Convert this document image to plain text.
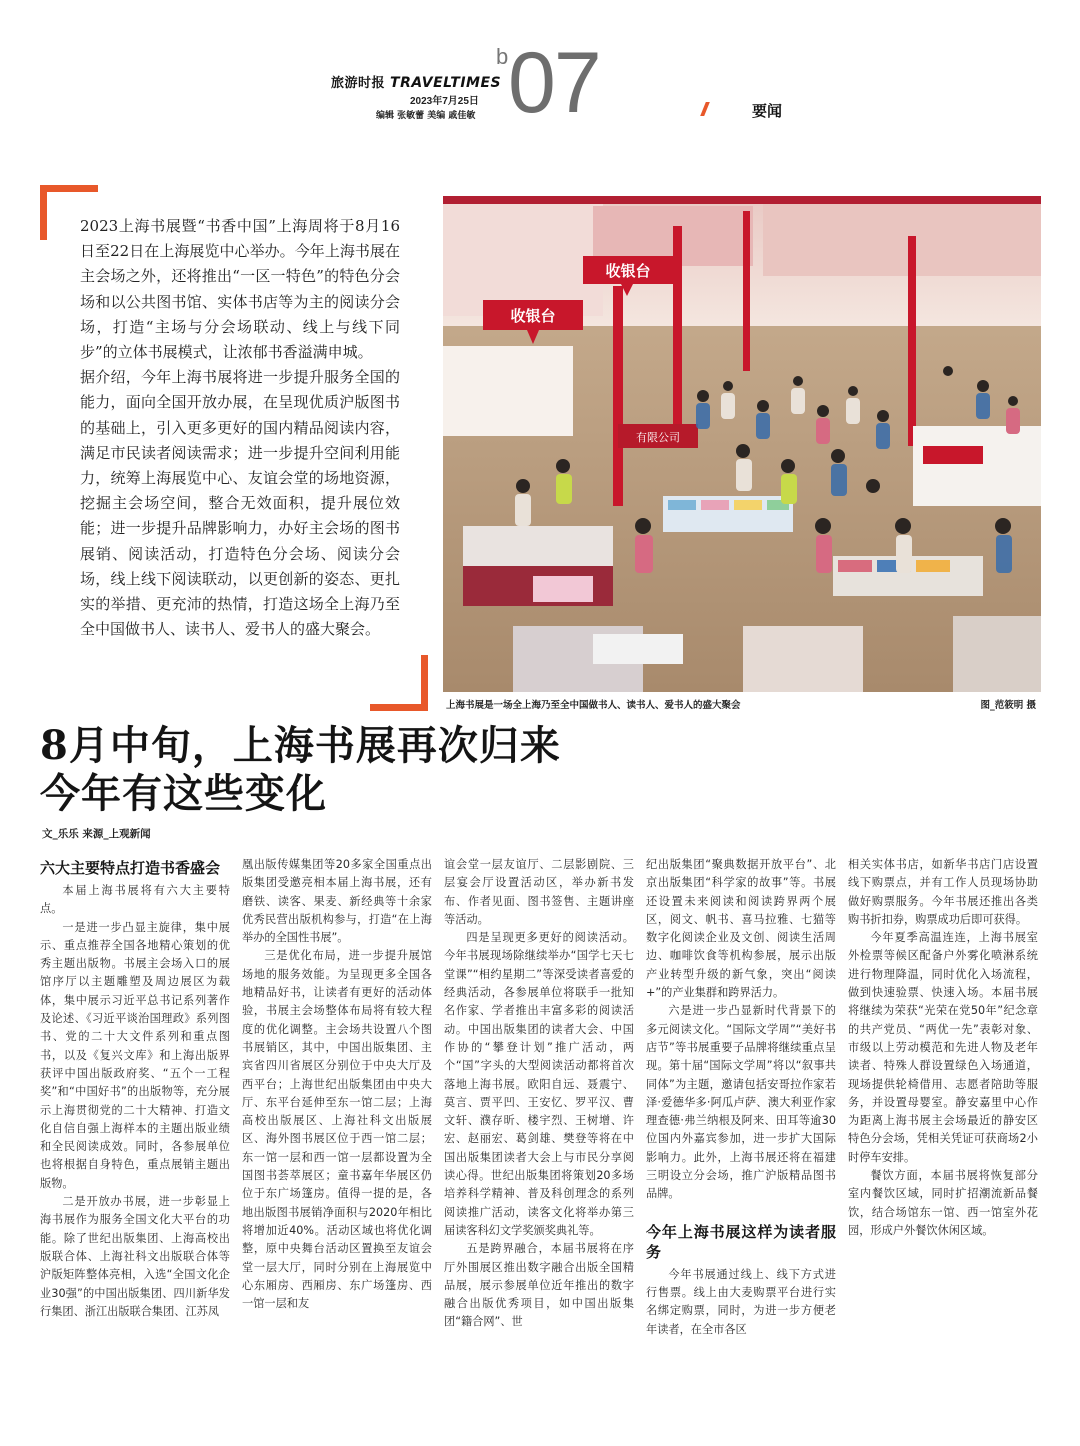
旅游时报 TRAVELTIMES
2023年7月25日
编辑 张敏蕾 美编 戚佳敏
b 07	要闻

2023上海书展暨“书香中国”上海周将于8月16日至22日在上海展览中心举办。今年上海书展在主会场之外，还将推出“一区一特色”的特色分会场和以公共图书馆、实体书店等为主的阅读分会场，打造“主场与分会场联动、线上与线下同步”的立体书展模式，让浓郁书香溢满申城。

据介绍，今年上海书展将进一步提升服务全国的能力，面向全国开放办展，在呈现优质沪版图书的基础上，引入更多更好的国内精品阅读内容，满足市民读者阅读需求；进一步提升空间利用能力，统筹上海展览中心、友谊会堂的场地资源，挖掘主会场空间，整合无效面积，提升展位效能；进一步提升品牌影响力，办好主会场的图书展销、阅读活动，打造特色分会场、阅读分会场，线上线下阅读联动，以更创新的姿态、更扎实的举措、更充沛的热情，打造这场全上海乃至全中国做书人、读书人、爱书人的盛大聚会。

收银台
收银台
有限公司
上海书展是一场全上海乃至全中国做书人、读书人、爱书人的盛大聚会	图_范筱明 摄
8月中旬，上海书展再次归来
今年有这些变化
文_乐乐 来源_上观新闻
六大主要特点打造书香盛会

本届上海书展将有六大主要特点。

一是进一步凸显主旋律，集中展示、重点推荐全国各地精心策划的优秀主题出版物。书展主会场入口的展馆序厅以主题雕塑及周边展区为载体，集中展示习近平总书记系列著作及论述、《习近平谈治国理政》系列图书、党的二十大文件系列和重点图书，以及《复兴文库》和上海出版界获评中国出版政府奖、“五个一工程奖”和“中国好书”的出版物等，充分展示上海贯彻党的二十大精神、打造文化自信自强上海样本的主题出版业绩和全民阅读成效。同时，各参展单位也将根据自身特色，重点展销主题出版物。

二是开放办书展，进一步彰显上海书展作为服务全国文化大平台的功能。除了世纪出版集团、上海高校出版联合体、上海社科文出版联合体等沪版矩阵整体亮相，入选“全国文化企业30强”的中国出版集团、四川新华发行集团、浙江出版联合集团、江苏凤

凰出版传媒集团等20多家全国重点出版集团受邀亮相本届上海书展，还有磨铁、读客、果麦、新经典等十余家优秀民营出版机构参与，打造“在上海举办的全国性书展”。

三是优化布局，进一步提升展馆场地的服务效能。为呈现更多全国各地精品好书，让读者有更好的活动体验，书展主会场整体布局将有较大程度的优化调整。主会场共设置八个图书展销区，其中，中国出版集团、主宾省四川省展区分别位于中央大厅及西平台；上海世纪出版集团由中央大厅、东平台延伸至东一馆二层；上海高校出版展区、上海社科文出版展区、海外图书展区位于西一馆二层；东一馆一层和西一馆一层都设置为全国图书荟萃展区；童书嘉年华展区仍位于东广场篷房。值得一提的是，各地出版图书展销净面积与2020年相比将增加近40%。活动区域也将优化调整，原中央舞台活动区置换至友谊会堂一层大厅，同时分别在上海展览中心东厢房、西厢房、东广场篷房、西一馆一层和友

谊会堂一层友谊厅、二层影剧院、三层宴会厅设置活动区，举办新书发布、作者见面、图书签售、主题讲座等活动。

四是呈现更多更好的阅读活动。今年书展现场除继续举办“国学七天七堂课”“相约星期二”等深受读者喜爱的经典活动，各参展单位将联手一批知名作家、学者推出丰富多彩的阅读活动。中国出版集团的读者大会、中国作协的“攀登计划”推广活动，两个“国”字头的大型阅读活动都将首次落地上海书展。欧阳自远、聂震宁、莫言、贾平凹、王安忆、罗平汉、曹文轩、濮存昕、楼宇烈、王树增、许宏、赵丽宏、葛剑雄、樊登等将在中国出版集团读者大会上与市民分享阅读心得。世纪出版集团将策划20多场培养科学精神、普及科创理念的系列阅读推广活动，读客文化将举办第三届读客科幻文学奖颁奖典礼等。

五是跨界融合，本届书展将在序厅外围展区推出数字融合出版全国精品展，展示参展单位近年推出的数字融合出版优秀项目，如中国出版集团“籍合网”、世

纪出版集团“聚典数据开放平台”、北京出版集团“科学家的故事”等。书展还设置未来阅读和阅读跨界两个展区，阅文、帆书、喜马拉雅、七猫等数字化阅读企业及文创、阅读生活周边、咖啡饮食等机构参展，展示出版产业转型升级的新气象，突出“阅读+”的产业集群和跨界活力。

六是进一步凸显新时代背景下的多元阅读文化。“国际文学周”“美好书店节”等书展重要子品牌将继续重点呈现。第十届“国际文学周”将以“叙事共同体”为主题，邀请包括安哥拉作家若泽·爱德华多·阿瓜卢萨、澳大利亚作家理查德·弗兰纳根及阿来、田耳等逾30位国内外嘉宾参加，进一步扩大国际影响力。此外，上海书展还将在福建三明设立分会场，推广沪版精品图书品牌。

今年上海书展这样为读者服务

今年书展通过线上、线下方式进行售票。线上由大麦购票平台进行实名绑定购票，同时，为进一步方便老年读者，在全市各区

相关实体书店，如新华书店门店设置线下购票点，并有工作人员现场协助做好购票服务。今年书展还推出各类购书折扣券，购票成功后即可获得。

今年夏季高温连连，上海书展室外检票等候区配备户外雾化喷淋系统进行物理降温，同时优化入场流程，做到快速验票、快速入场。本届书展将继续为荣获“光荣在党50年”纪念章的共产党员、“两优一先”表彰对象、市级以上劳动模范和先进人物及老年读者、特殊人群设置绿色入场通道，现场提供轮椅借用、志愿者陪助等服务，并设置母婴室。静安嘉里中心作为距离上海书展主会场最近的静安区特色分会场，凭相关凭证可获商场2小时停车安排。

餐饮方面，本届书展将恢复部分室内餐饮区域，同时扩招潮流新品餐饮，结合场馆东一馆、西一馆室外花园，形成户外餐饮休闲区域。
